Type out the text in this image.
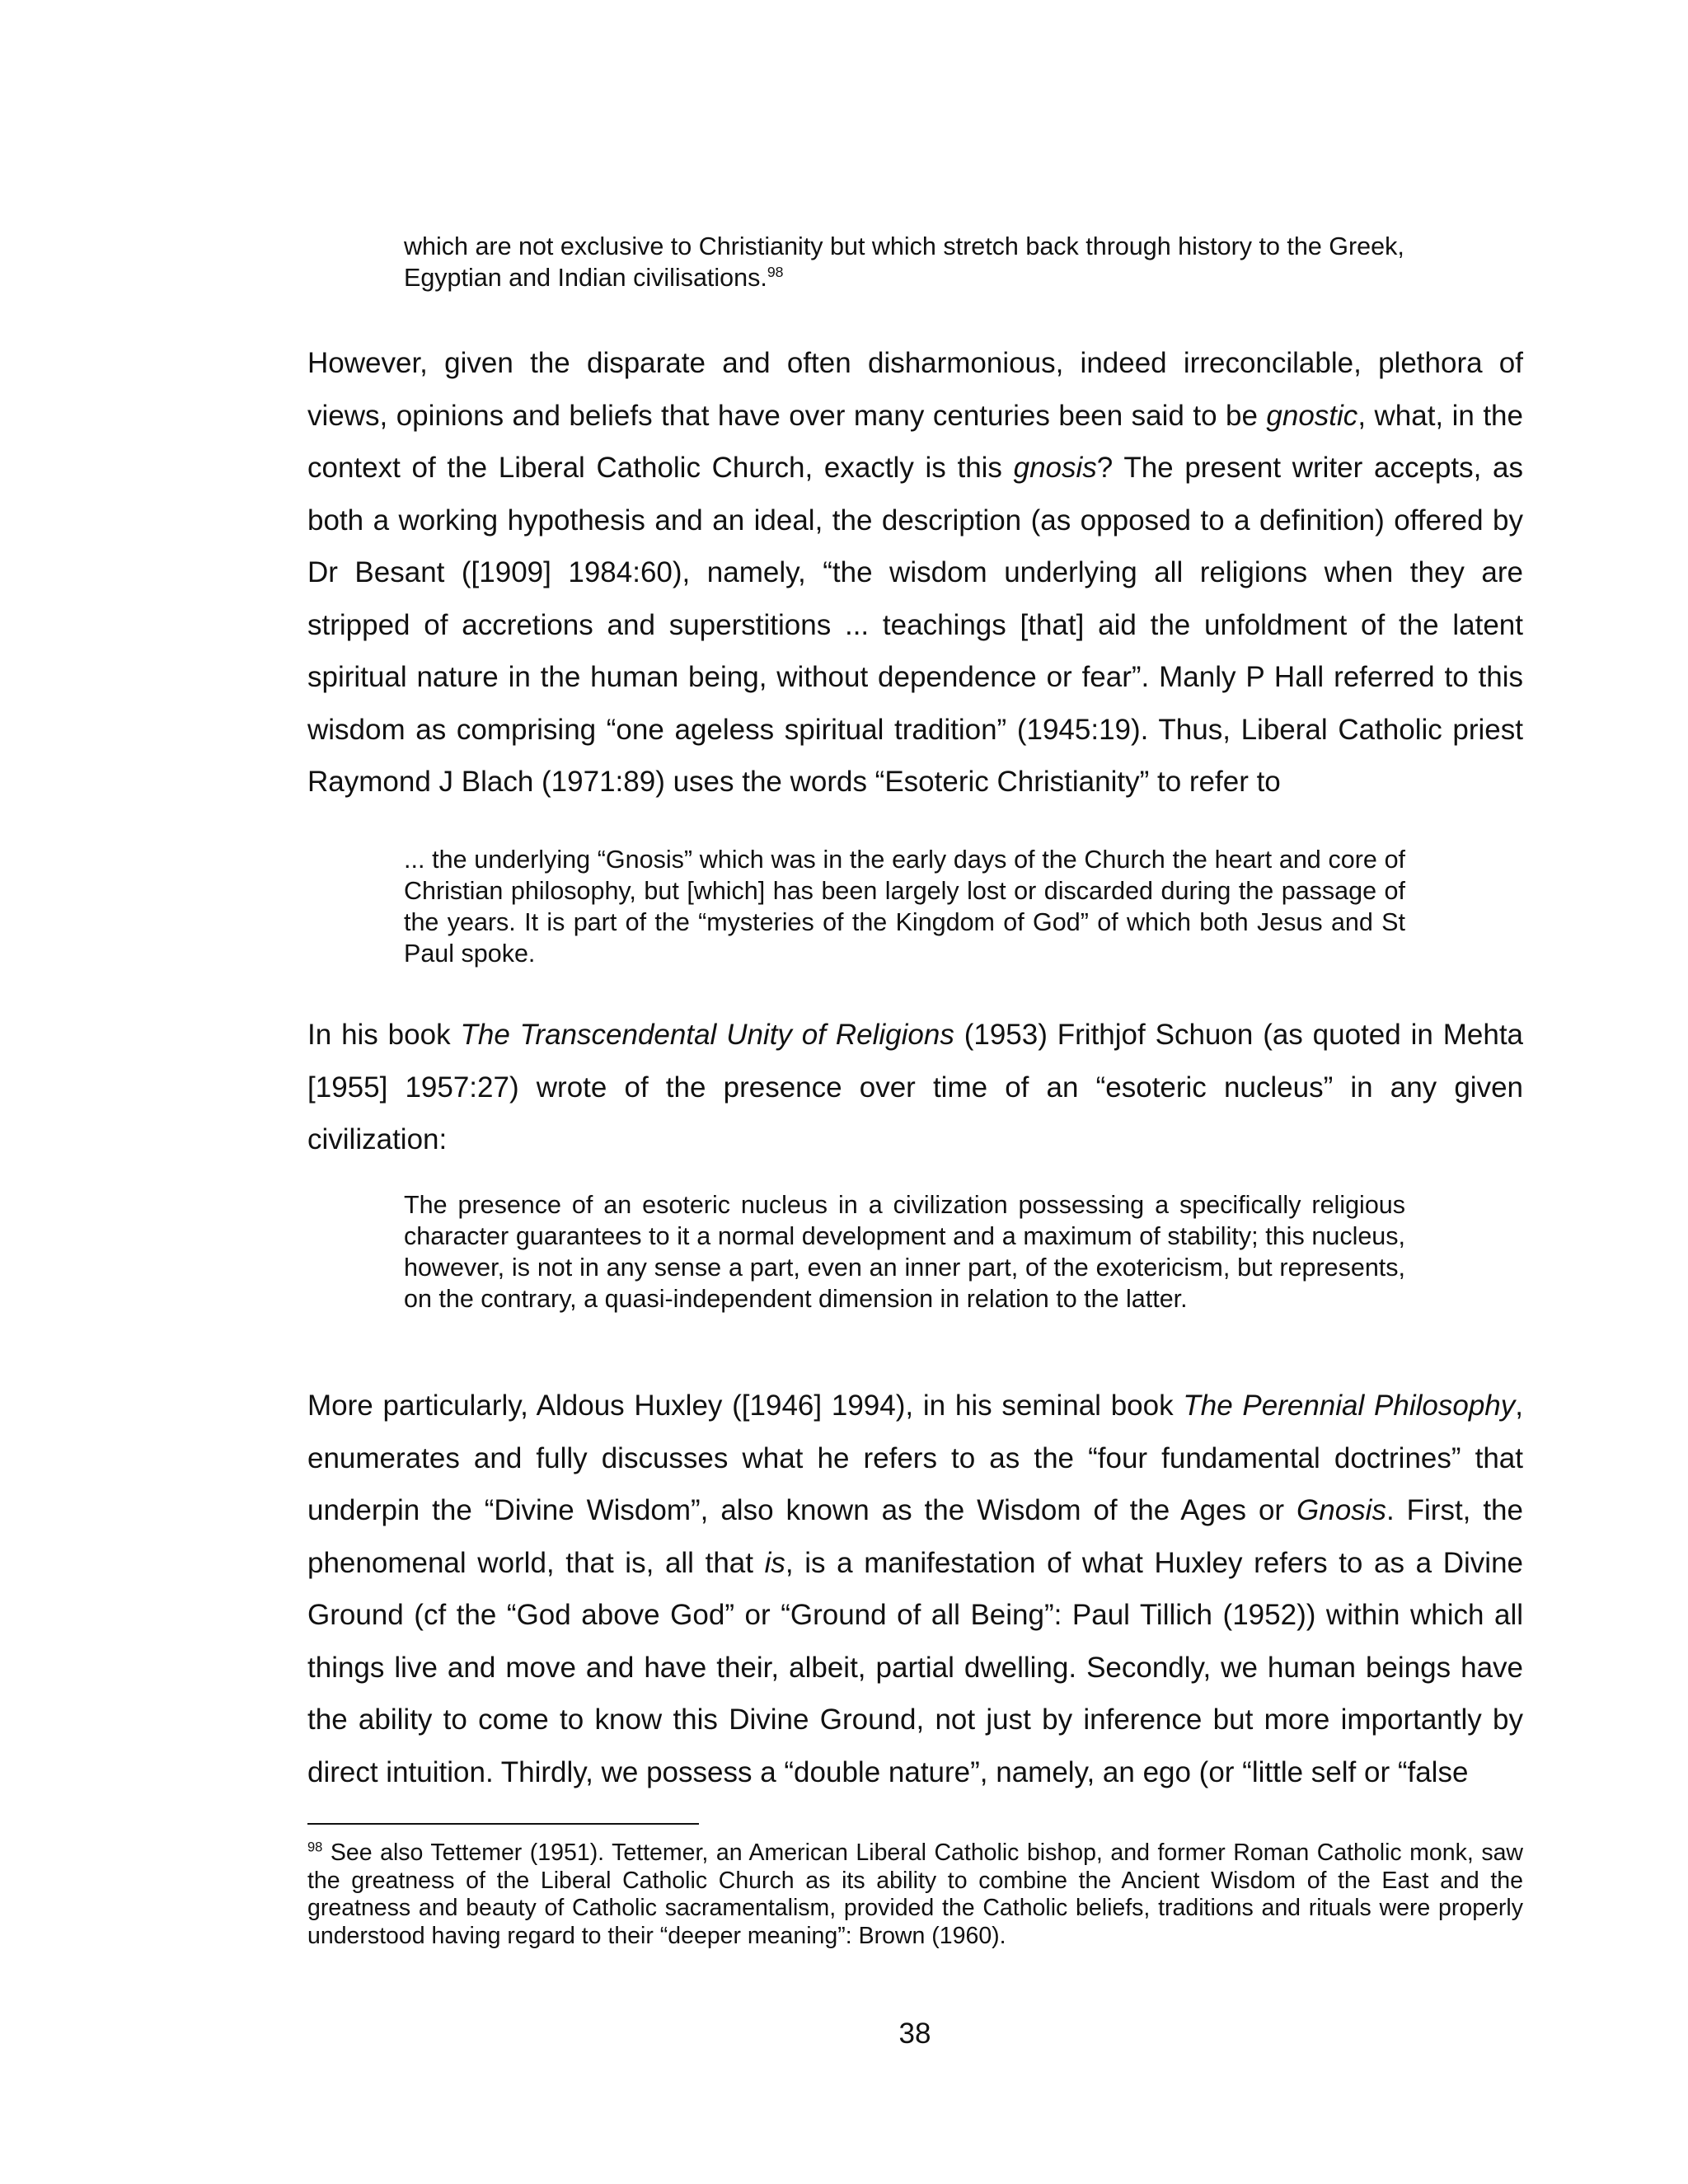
which are not exclusive to Christianity but which stretch back through history to the Greek, Egyptian and Indian civilisations.$^{98}$
However, given the disparate and often disharmonious, indeed irreconcilable, plethora of views, opinions and beliefs that have over many centuries been said to be gnostic, what, in the context of the Liberal Catholic Church, exactly is this gnosis? The present writer accepts, as both a working hypothesis and an ideal, the description (as opposed to a definition) offered by Dr Besant ([1909] 1984:60), namely, “the wisdom underlying all religions when they are stripped of accretions and superstitions ... teachings [that] aid the unfoldment of the latent spiritual nature in the human being, without dependence or fear”. Manly P Hall referred to this wisdom as comprising “one ageless spiritual tradition” (1945:19). Thus, Liberal Catholic priest Raymond J Blach (1971:89) uses the words “Esoteric Christianity” to refer to
... the underlying “Gnosis” which was in the early days of the Church the heart and core of Christian philosophy, but [which] has been largely lost or discarded during the passage of the years. It is part of the “mysteries of the Kingdom of God” of which both Jesus and St Paul spoke.
In his book The Transcendental Unity of Religions (1953) Frithjof Schuon (as quoted in Mehta [1955] 1957:27) wrote of the presence over time of an “esoteric nucleus” in any given civilization:
The presence of an esoteric nucleus in a civilization possessing a specifically religious character guarantees to it a normal development and a maximum of stability; this nucleus, however, is not in any sense a part, even an inner part, of the exotericism, but represents, on the contrary, a quasi-independent dimension in relation to the latter.
More particularly, Aldous Huxley ([1946] 1994), in his seminal book The Perennial Philosophy, enumerates and fully discusses what he refers to as the “four fundamental doctrines” that underpin the “Divine Wisdom”, also known as the Wisdom of the Ages or Gnosis. First, the phenomenal world, that is, all that is, is a manifestation of what Huxley refers to as a Divine Ground (cf the “God above God” or “Ground of all Being”: Paul Tillich (1952)) within which all things live and move and have their, albeit, partial dwelling. Secondly, we human beings have the ability to come to know this Divine Ground, not just by inference but more importantly by direct intuition. Thirdly, we possess a “double nature”, namely, an ego (or “little self or “false
$^{98}$ See also Tettemer (1951). Tettemer, an American Liberal Catholic bishop, and former Roman Catholic monk, saw the greatness of the Liberal Catholic Church as its ability to combine the Ancient Wisdom of the East and the greatness and beauty of Catholic sacramentalism, provided the Catholic beliefs, traditions and rituals were properly understood having regard to their “deeper meaning”: Brown (1960).
38
